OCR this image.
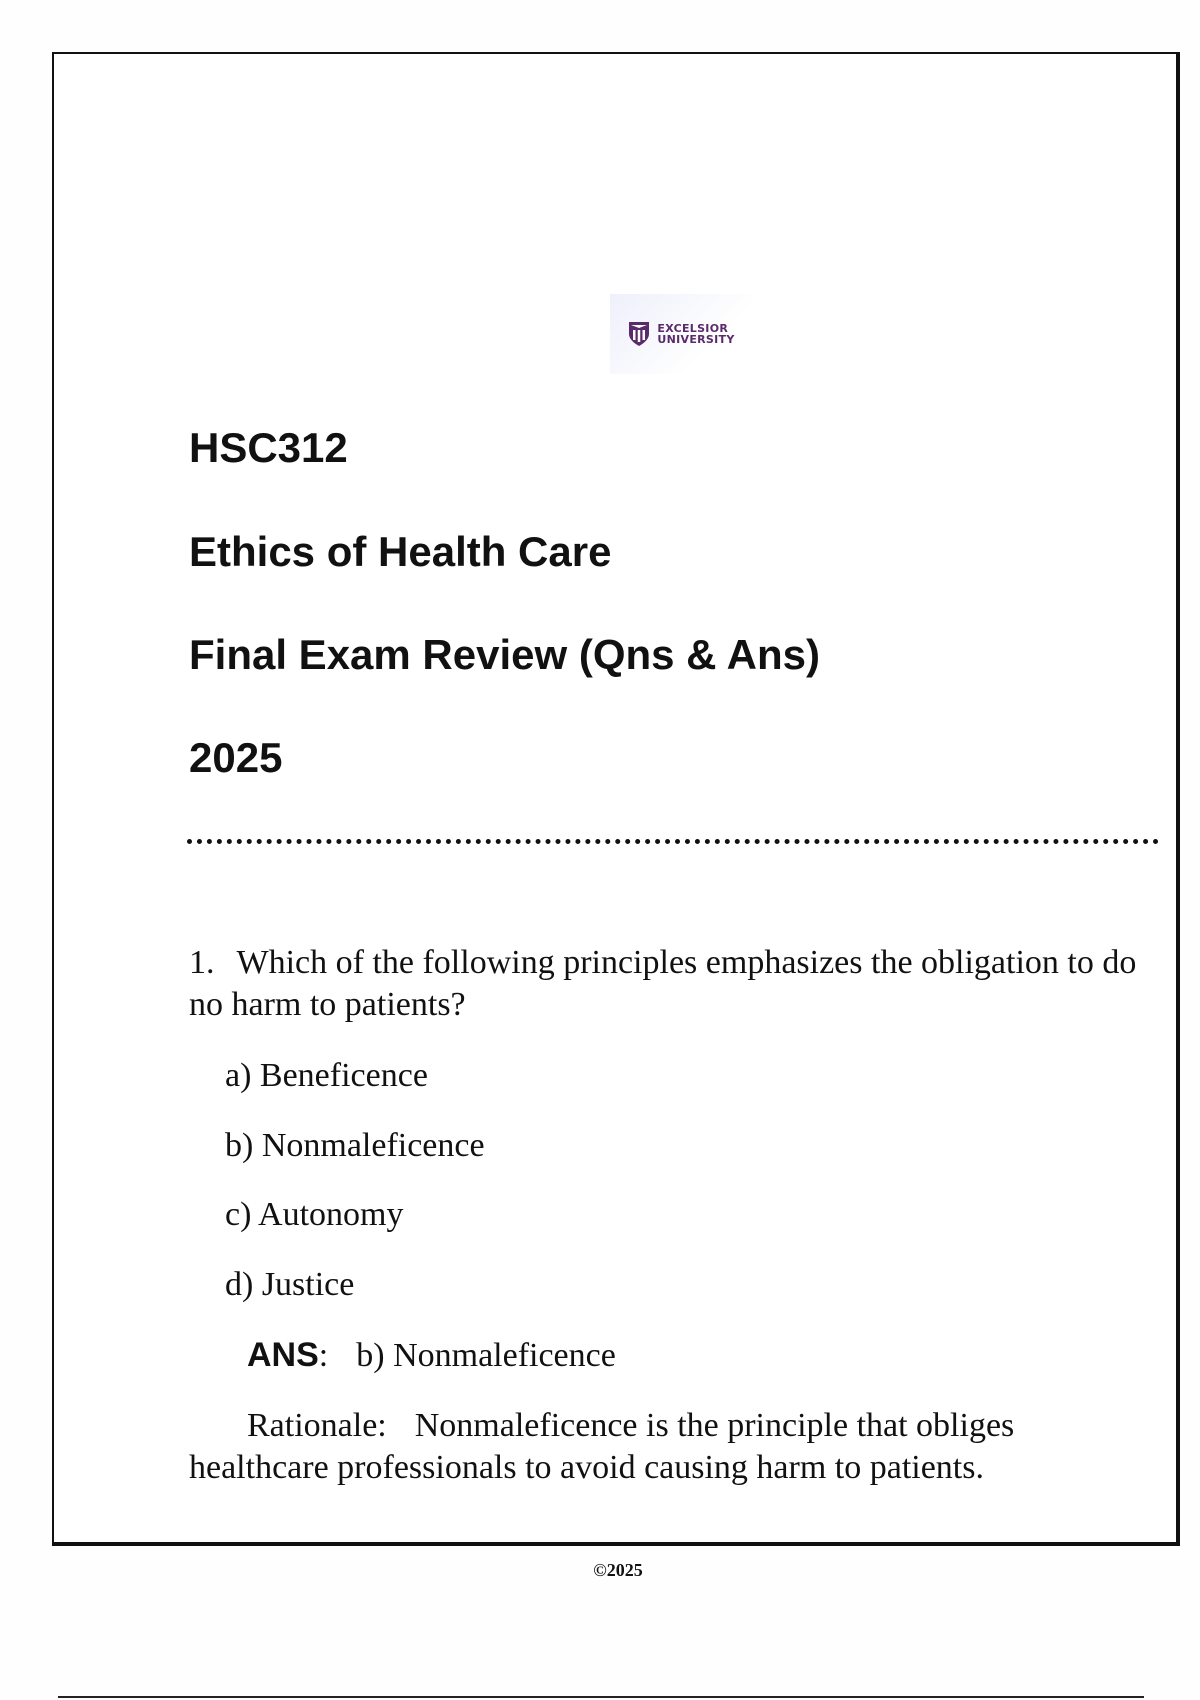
EXCELSIOR
UNIVERSITY
HSC312
Ethics of Health Care
Final Exam Review (Qns & Ans)
2025

1. Which of the following principles emphasizes the obligation to do no harm to patients?

a) Beneficence

b) Nonmaleficence

c) Autonomy

d) Justice

ANS: b) Nonmaleficence

Rationale: Nonmaleficence is the principle that obliges healthcare professionals to avoid causing harm to patients.

©2025
